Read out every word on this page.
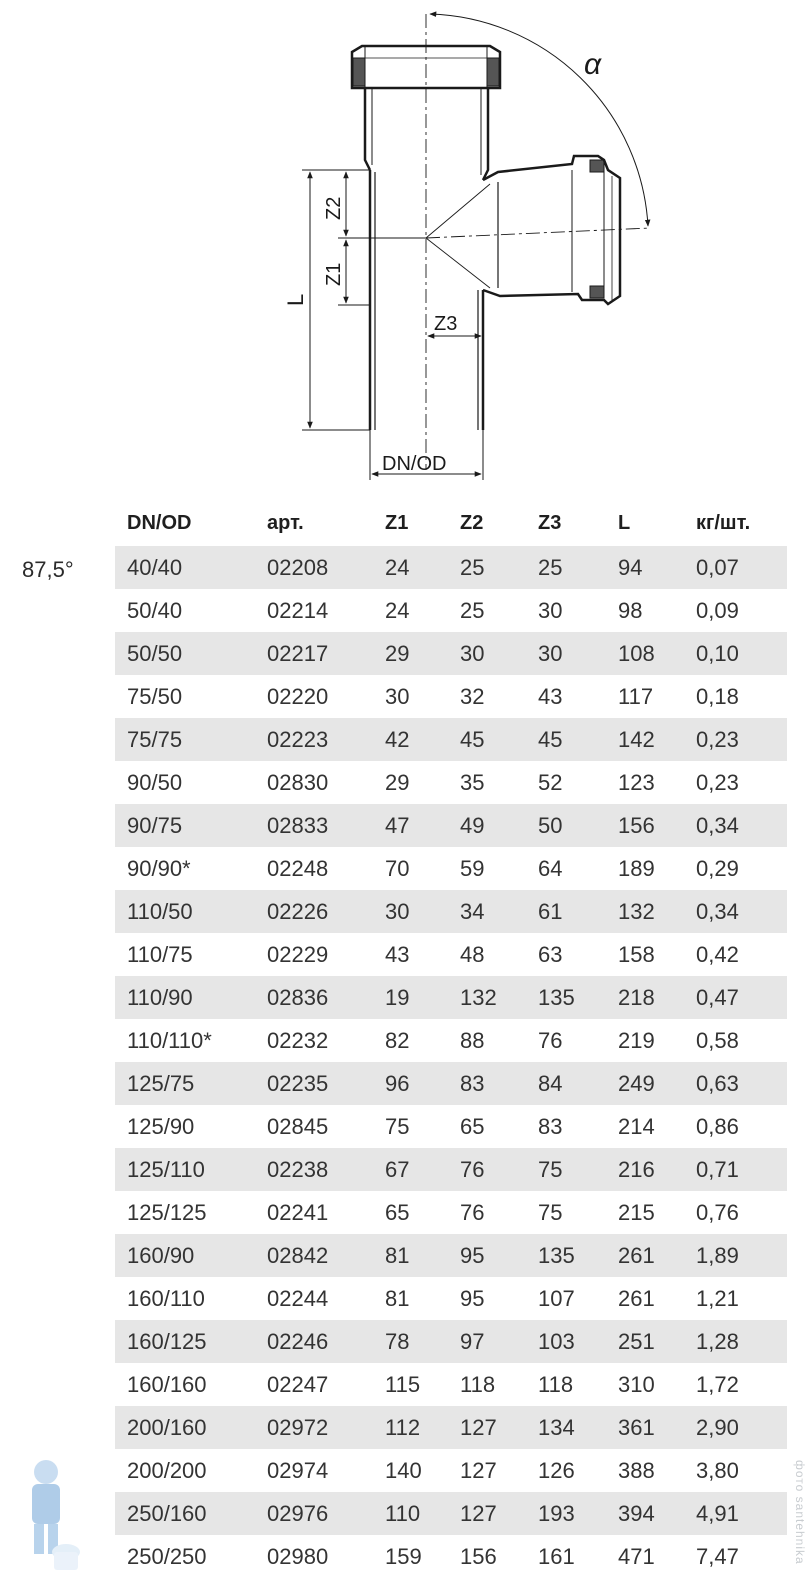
α
Z2
Z1
L
Z3
DN/OD
87,5°
DN/OD	арт.	Z1	Z2	Z3	L	кг/шт.
40/40	02208	24	25	25	94	0,07
50/40	02214	24	25	30	98	0,09
50/50	02217	29	30	30	108	0,10
75/50	02220	30	32	43	117	0,18
75/75	02223	42	45	45	142	0,23
90/50	02830	29	35	52	123	0,23
90/75	02833	47	49	50	156	0,34
90/90*	02248	70	59	64	189	0,29
110/50	02226	30	34	61	132	0,34
110/75	02229	43	48	63	158	0,42
110/90	02836	19	132	135	218	0,47
110/110*	02232	82	88	76	219	0,58
125/75	02235	96	83	84	249	0,63
125/90	02845	75	65	83	214	0,86
125/110	02238	67	76	75	216	0,71
125/125	02241	65	76	75	215	0,76
160/90	02842	81	95	135	261	1,89
160/110	02244	81	95	107	261	1,21
160/125	02246	78	97	103	251	1,28
160/160	02247	115	118	118	310	1,72
200/160	02972	112	127	134	361	2,90
200/200	02974	140	127	126	388	3,80
250/160	02976	110	127	193	394	4,91
250/250	02980	159	156	161	471	7,47	фото santehnika
